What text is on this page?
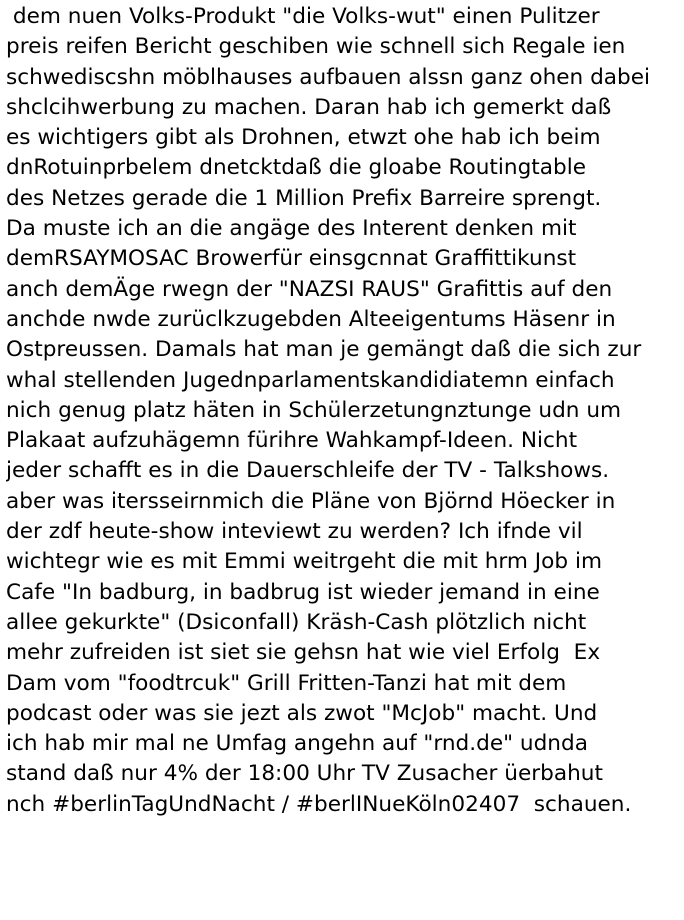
dem nuen Volks-Produkt "die Volks-wut" einen Pulitzer
preis reifen Bericht geschiben wie schnell sich Regale ien
schwediscshn möblhauses aufbauen alssn ganz ohen dabei
shclcihwerbung zu machen. Daran hab ich gemerkt daß
es wichtigers gibt als Drohnen, etwzt ohe hab ich beim
dnRotuinprbelem dnetcktdaß die gloabe Routingtable
des Netzes gerade die 1 Million Prefix Barreire sprengt.
Da muste ich an die angäge des Interent denken mit
demRSAYMOSAC Browerfür einsgcnnat Graffittikunst
anch demÄge rwegn der "NAZSI RAUS" Grafittis auf den
anchde nwde zurüclkzugebden Alteeigentums Häsenr in
Ostpreussen. Damals hat man je gemängt daß die sich zur
whal stellenden Jugednparlamentskandidiatemn einfach
nich genug platz häten in Schülerzetungnztunge udn um
Plakaat aufzuhägemn fürihre Wahkampf-Ideen. Nicht
jeder schafft es in die Dauerschleife der TV - Talkshows.
aber was itersseirnmich die Pläne von Björnd Höecker in
der zdf heute-show inteviewt zu werden? Ich ifnde vil
wichtegr wie es mit Emmi weitrgeht die mit hrm Job im
Cafe "In badburg, in badbrug ist wieder jemand in eine
allee gekurkte" (Dsiconfall) Kräsh-Cash plötzlich nicht
mehr zufreiden ist siet sie gehsn hat wie viel Erfolg  Ex
Dam vom "foodtrcuk" Grill Fritten-Tanzi hat mit dem
podcast oder was sie jezt als zwot "McJob" macht. Und
ich hab mir mal ne Umfag angehn auf "rnd.de" udnda
stand daß nur 4% der 18:00 Uhr TV Zusacher üerbahut
nch #berlinTagUndNacht / #berlINueKöln02407  schauen.
